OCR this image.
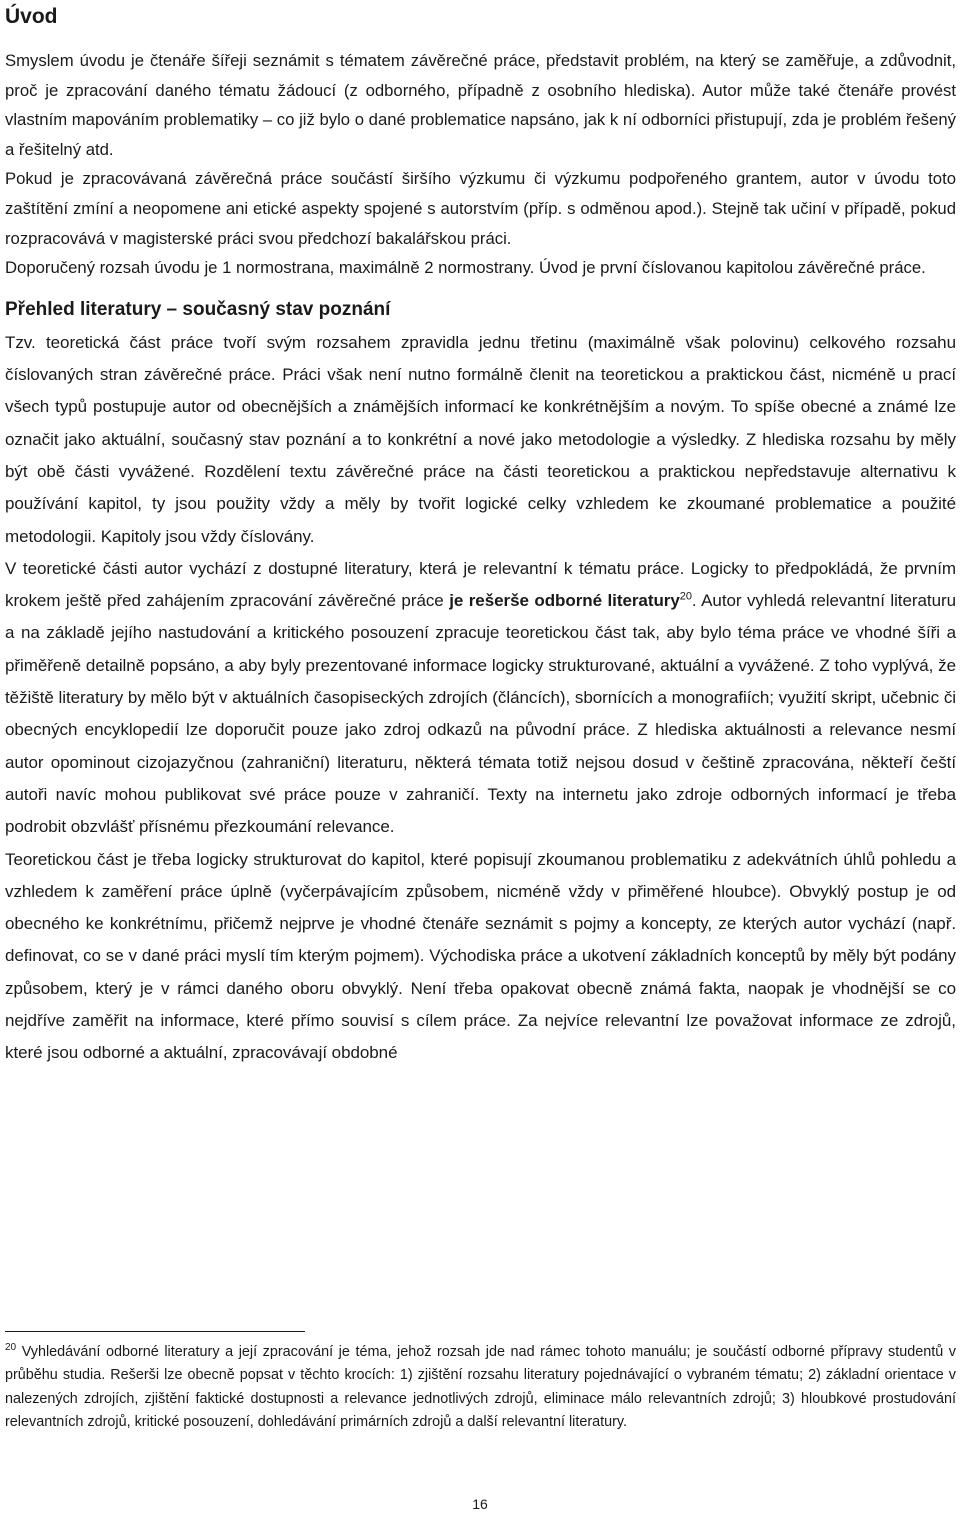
Úvod

Smyslem úvodu je čtenáře šířeji seznámit s tématem závěrečné práce, představit problém, na který se zaměřuje, a zdůvodnit, proč je zpracování daného tématu žádoucí (z odborného, případně z osobního hlediska). Autor může také čtenáře provést vlastním mapováním problematiky – co již bylo o dané problematice napsáno, jak k ní odborníci přistupují, zda je problém řešený a řešitelný atd.

Pokud je zpracovávaná závěrečná práce součástí širšího výzkumu či výzkumu podpořeného grantem, autor v úvodu toto zaštítění zmíní a neopomene ani etické aspekty spojené s autorstvím (příp. s odměnou apod.). Stejně tak učiní v případě, pokud rozpracovává v magisterské práci svou předchozí bakalářskou práci.

Doporučený rozsah úvodu je 1 normostrana, maximálně 2 normostrany. Úvod je první číslovanou kapitolou závěrečné práce.

Přehled literatury – současný stav poznání

Tzv. teoretická část práce tvoří svým rozsahem zpravidla jednu třetinu (maximálně však polovinu) celkového rozsahu číslovaných stran závěrečné práce. Práci však není nutno formálně členit na teoretickou a praktickou část, nicméně u prací všech typů postupuje autor od obecnějších a známějších informací ke konkrétnějším a novým. To spíše obecné a známé lze označit jako aktuální, současný stav poznání a to konkrétní a nové jako metodologie a výsledky. Z hlediska rozsahu by měly být obě části vyvážené. Rozdělení textu závěrečné práce na části teoretickou a praktickou nepředstavuje alternativu k používání kapitol, ty jsou použity vždy a měly by tvořit logické celky vzhledem ke zkoumané problematice a použité metodologii. Kapitoly jsou vždy číslovány.

V teoretické části autor vychází z dostupné literatury, která je relevantní k tématu práce. Logicky to předpokládá, že prvním krokem ještě před zahájením zpracování závěrečné práce je rešerše odborné literatury$^{20}$. Autor vyhledá relevantní literaturu a na základě jejího nastudování a kritického posouzení zpracuje teoretickou část tak, aby bylo téma práce ve vhodné šíři a přiměřeně detailně popsáno, a aby byly prezentované informace logicky strukturované, aktuální a vyvážené. Z toho vyplývá, že těžiště literatury by mělo být v aktuálních časopiseckých zdrojích (článcích), sbornících a monografiích; využití skript, učebnic či obecných encyklopedií lze doporučit pouze jako zdroj odkazů na původní práce. Z hlediska aktuálnosti a relevance nesmí autor opominout cizojazyčnou (zahraniční) literaturu, některá témata totiž nejsou dosud v češtině zpracována, někteří čeští autoři navíc mohou publikovat své práce pouze v zahraničí. Texty na internetu jako zdroje odborných informací je třeba podrobit obzvlášť přísnému přezkoumání relevance.

Teoretickou část je třeba logicky strukturovat do kapitol, které popisují zkoumanou problematiku z adekvátních úhlů pohledu a vzhledem k zaměření práce úplně (vyčerpávajícím způsobem, nicméně vždy v přiměřené hloubce). Obvyklý postup je od obecného ke konkrétnímu, přičemž nejprve je vhodné čtenáře seznámit s pojmy a koncepty, ze kterých autor vychází (např. definovat, co se v dané práci myslí tím kterým pojmem). Východiska práce a ukotvení základních konceptů by měly být podány způsobem, který je v rámci daného oboru obvyklý. Není třeba opakovat obecně známá fakta, naopak je vhodnější se co nejdříve zaměřit na informace, které přímo souvisí s cílem práce. Za nejvíce relevantní lze považovat informace ze zdrojů, které jsou odborné a aktuální, zpracovávají obdobné

$^{20}$ Vyhledávání odborné literatury a její zpracování je téma, jehož rozsah jde nad rámec tohoto manuálu; je součástí odborné přípravy studentů v průběhu studia. Rešerši lze obecně popsat v těchto krocích: 1) zjištění rozsahu literatury pojednávající o vybraném tématu; 2) základní orientace v nalezených zdrojích, zjištění faktické dostupnosti a relevance jednotlivých zdrojů, eliminace málo relevantních zdrojů; 3) hloubkové prostudování relevantních zdrojů, kritické posouzení, dohledávání primárních zdrojů a další relevantní literatury.

16
